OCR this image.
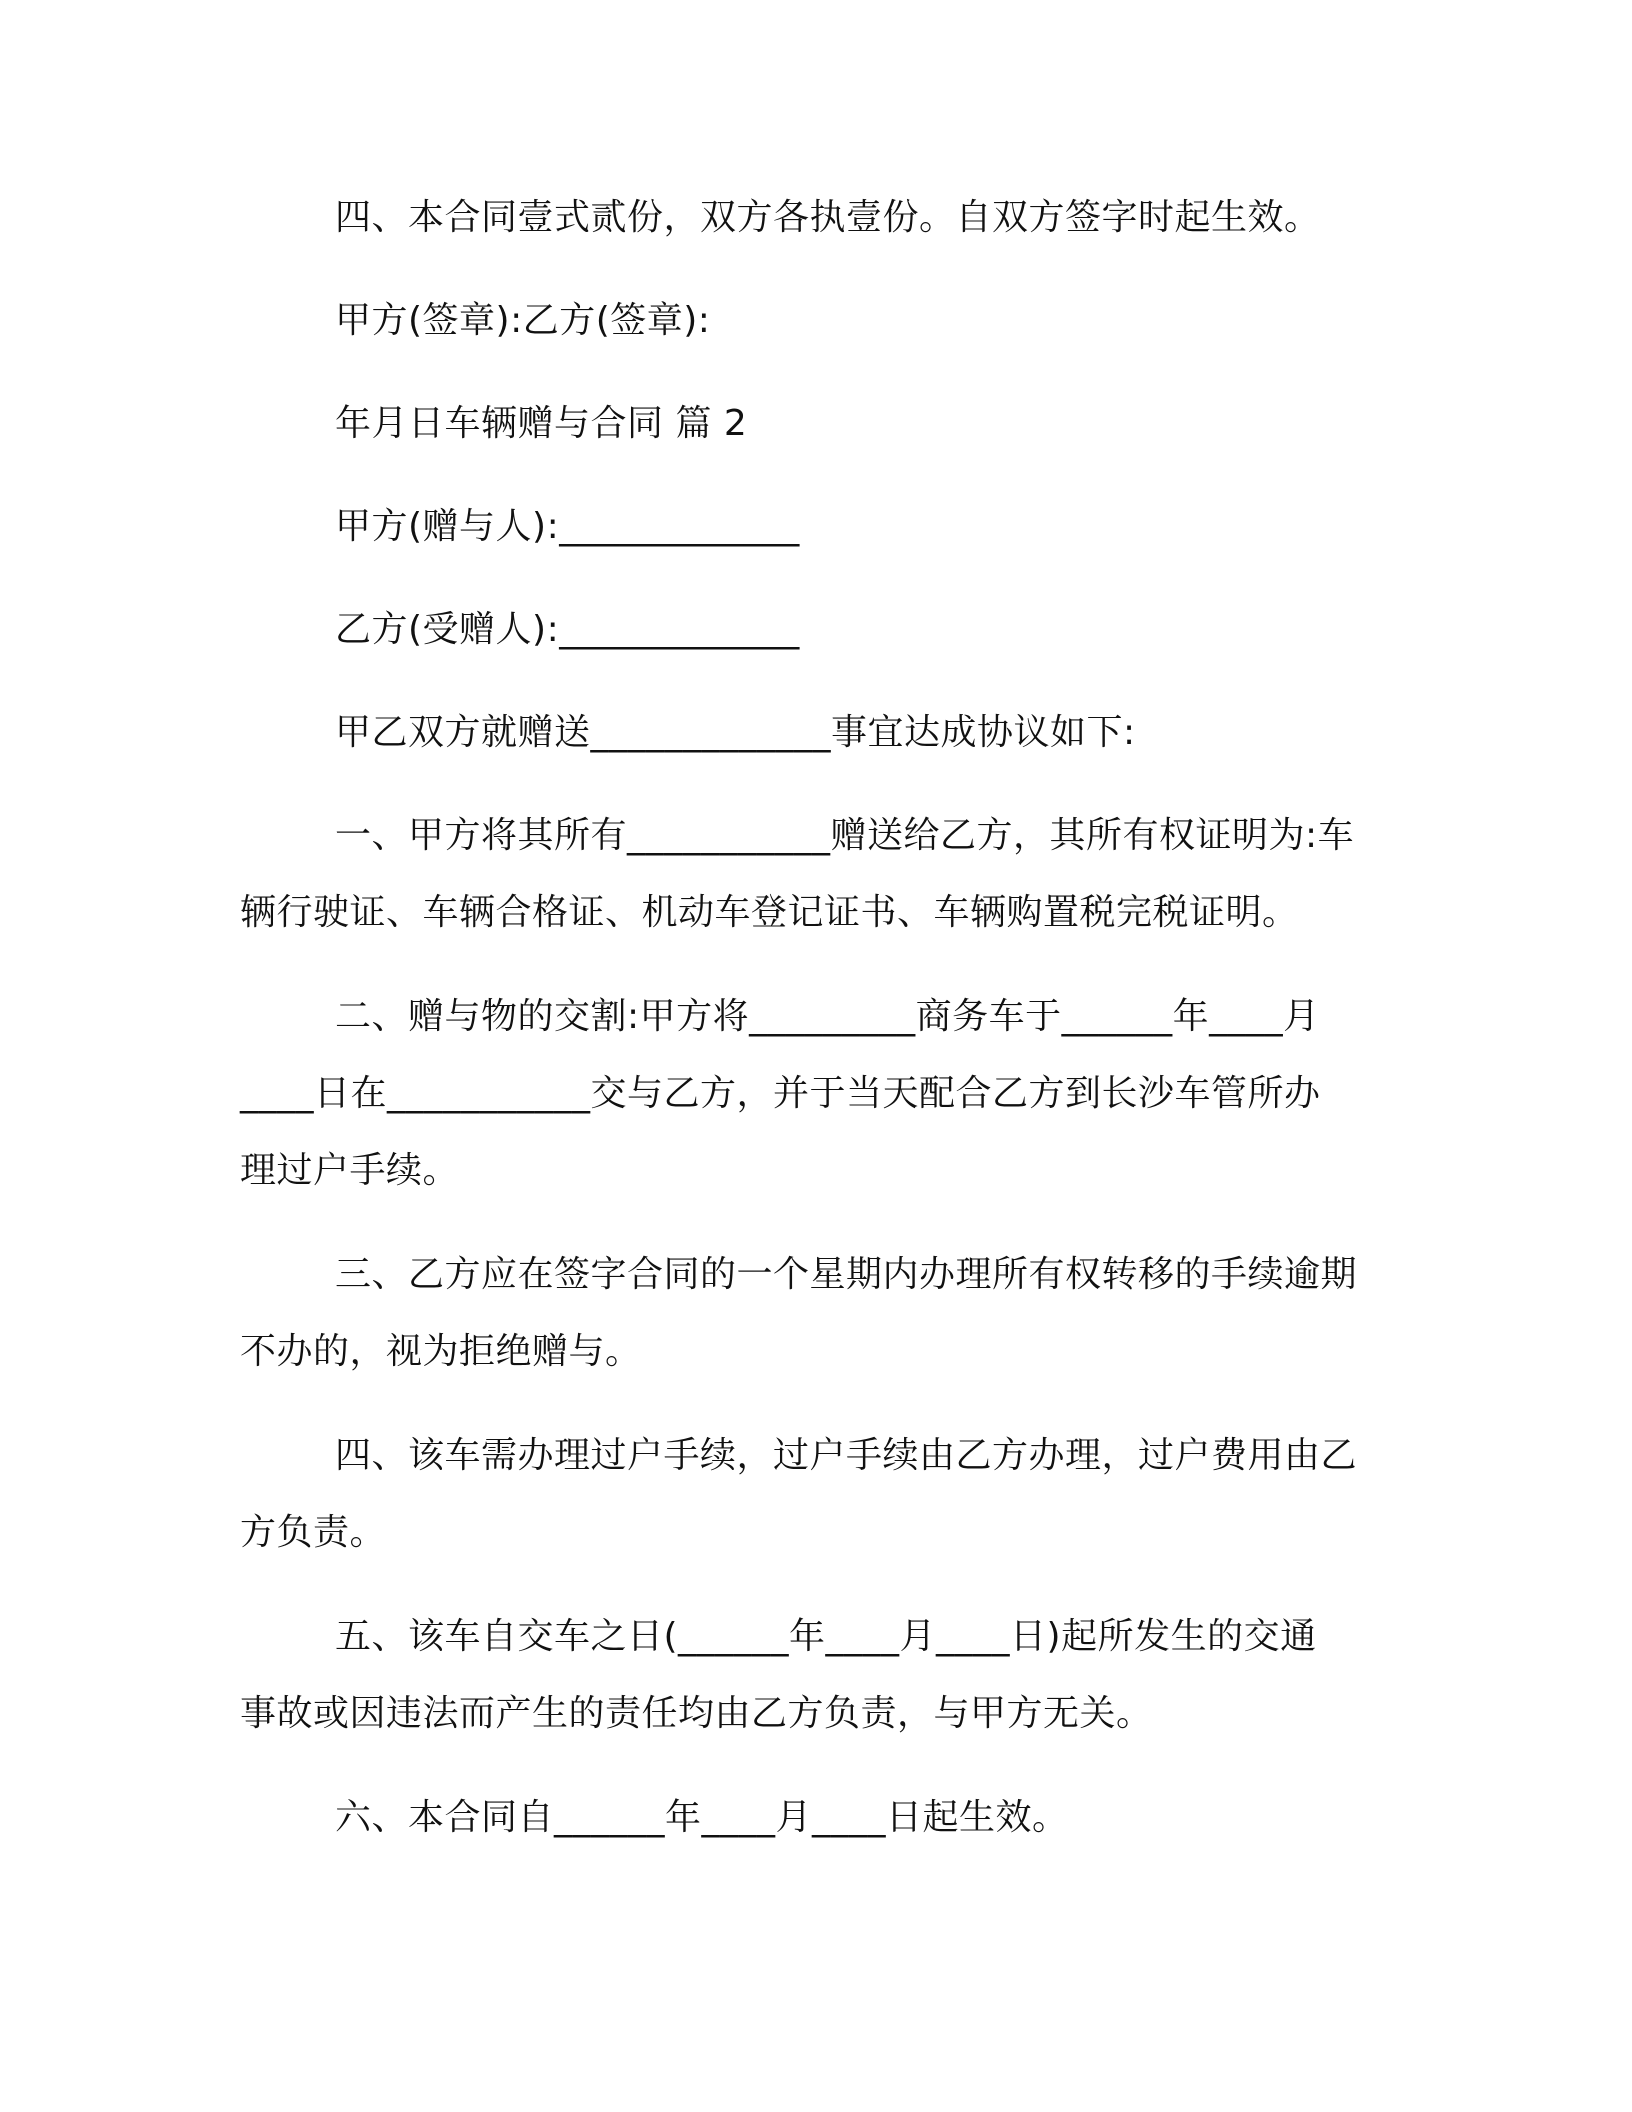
四、本合同壹式贰份，双方各执壹份。自双方签字时起生效。
甲方(签章):乙方(签章):
年月日车辆赠与合同 篇 2
甲方(赠与人):_____________
乙方(受赠人):_____________
甲乙双方就赠送_____________事宜达成协议如下:
一、甲方将其所有___________赠送给乙方，其所有权证明为:车
辆行驶证、车辆合格证、机动车登记证书、车辆购置税完税证明。
二、赠与物的交割:甲方将_________商务车于______年____月
____日在___________交与乙方，并于当天配合乙方到长沙车管所办
理过户手续。
三、乙方应在签字合同的一个星期内办理所有权转移的手续逾期
不办的，视为拒绝赠与。
四、该车需办理过户手续，过户手续由乙方办理，过户费用由乙
方负责。
五、该车自交车之日(______年____月____日)起所发生的交通
事故或因违法而产生的责任均由乙方负责，与甲方无关。
六、本合同自______年____月____日起生效。
